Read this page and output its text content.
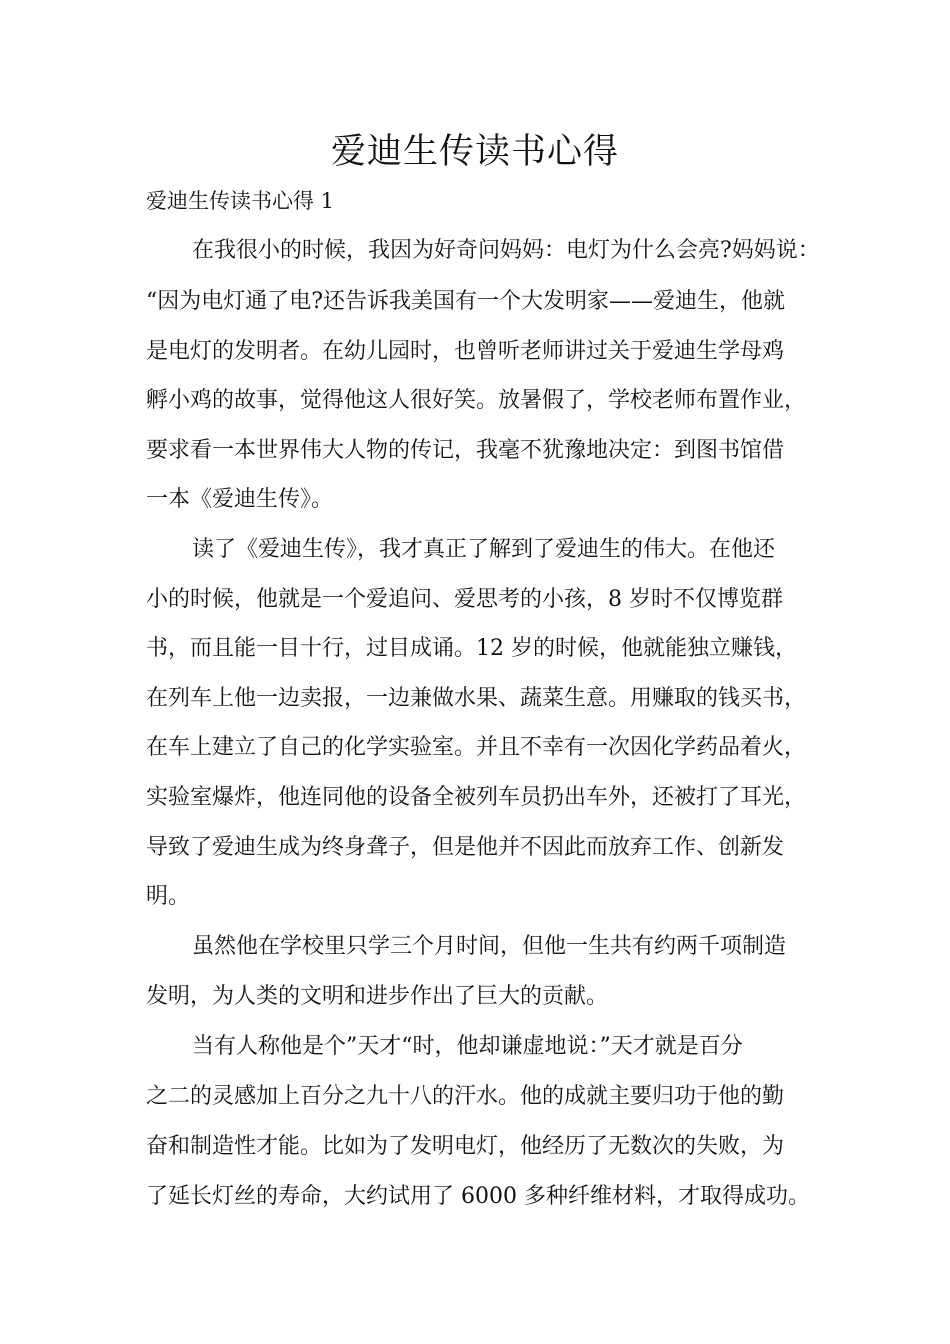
爱迪生传读书心得

爱迪生传读书心得 1

在我很小的时候，我因为好奇问妈妈：电灯为什么会亮?妈妈说：

“因为电灯通了电?还告诉我美国有一个大发明家——爱迪生，他就

是电灯的发明者。在幼儿园时，也曾听老师讲过关于爱迪生学母鸡

孵小鸡的故事，觉得他这人很好笑。放暑假了，学校老师布置作业，

要求看一本世界伟大人物的传记，我毫不犹豫地决定：到图书馆借

一本《爱迪生传》。

读了《爱迪生传》，我才真正了解到了爱迪生的伟大。在他还

小的时候，他就是一个爱追问、爱思考的小孩，8 岁时不仅博览群

书，而且能一目十行，过目成诵。12 岁的时候，他就能独立赚钱，

在列车上他一边卖报，一边兼做水果、蔬菜生意。用赚取的钱买书，

在车上建立了自己的化学实验室。并且不幸有一次因化学药品着火，

实验室爆炸，他连同他的设备全被列车员扔出车外，还被打了耳光，

导致了爱迪生成为终身聋子，但是他并不因此而放弃工作、创新发

明。

虽然他在学校里只学三个月时间，但他一生共有约两千项制造

发明，为人类的文明和进步作出了巨大的贡献。

当有人称他是个”天才“时，他却谦虚地说：”天才就是百分

之二的灵感加上百分之九十八的汗水。他的成就主要归功于他的勤

奋和制造性才能。比如为了发明电灯，他经历了无数次的失败，为

了延长灯丝的寿命，大约试用了 6000 多种纤维材料，才取得成功。
